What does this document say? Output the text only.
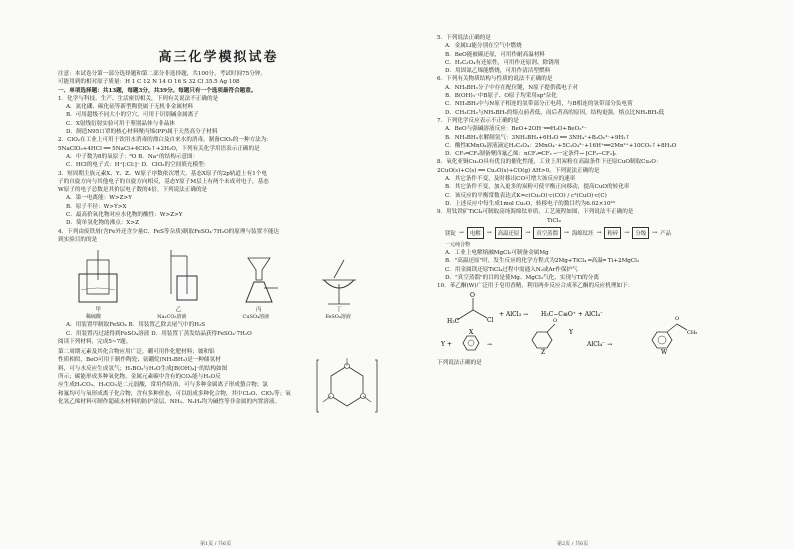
高三化学模拟试卷
注意：本试卷分第一部分选择题和第二部分非选择题，共100分，考试时间75分钟。
可能用到的相对原子质量：H 1 C 12 N 14 O 16 S 32 Cl 35.5 Ag 108
一、单项选择题：共13题，每题3分，共39分。每题只有一个选项最符合题意。
1．化学与科技、生产、生活密切相关，下列有关说法不正确的是
A．氮化硼、碳化硅等新型陶瓷属于无机非金属材料
B．可用超级不同大小的空穴，可用于识别碱金属离子
C．X射线衍射实验可用于鉴别晶体与非晶体
D．制造N95口罩的核心材料聚丙烯(PP)属于天然高分子材料
2．ClO₂在工业上可用于饮用水消毒的漂白及自来水的消毒，制备ClO₂的一种方法为：
5NaClO₂+4HCl ══ 5NaCl+4ClO₂↑+2H₂O，下列有关化学用语表示正确的是
A．中子数为8的氧原子：⁸O B．Na⁺的结构示意图：
C．HCl的电子式：H⁺[:Cl:]⁻ D．ClO₂的空间填充模型：
3．短周期主族元素X、Y、Z、W原子序数依次增大，基态X原子的2p轨道上有1个电
子的自旋方向与其他电子的自旋方向相反，基态Y原子M层上有两个未成对电子，基态
W原子的电子总数是其价层电子数的4倍。下列说法正确的是
A．第一电离能：W>Z>Y
B．原子半径：W>Y>X
C．最高价氧化物对应水化物的酸性：W>Z>Y
D．简单氢化物的沸点：X>Z
4．下列由废铁屑(含Fe外还含少量C、FeS等杂质)制取FeSO₄·7H₂O的原理与装置不能达
到实验目的的是
甲	乙	丙	丁
稀硫酸	Na₂CO₃溶液	CuSO₄溶液	FeSO₄溶液
A．用装置甲制取FeSO₄ B．用装置乙除去尾气中的H₂S
C．用装置丙过滤得到FeSO₄溶液 D．用装置丁蒸发结晶获得FeSO₄·7H₂O
阅读下列材料，完成5~7题。
第二周期元素及其化合物应用广泛。硼可用作化肥材料；铍和铝
性质相似，BeO可用于制作陶瓷；氨硼烷(NH₃BH₃)是一种储氢材
料，可与水反应生成氢气；H₃BO₃与H₂O生成[B(OH)₄]⁻的结构如图
所示；碳能形成多种氧化物，金属元素碳中含有的CO₂能与H₂O反
应生成H₂CO₃，H₂CO₃是二元弱酸，常用作防治，可与多种金属离子形成螯合物；氯
和氟均可与氧形成离子化合物，含有多种价态，可以组成多种化合物，其中Cl₂O、ClO₂等；氧
化氢乙烯材料可制作超疏水材料的防护涂层，NH₃、N₂H₄均为碱性等非金属的内置溶液。
第1页 / 共6页
5．下列说法正确的是
A．金属Li能分别在空气中燃烧
B．BeO能被碳还原，可用作耐高温材料
C．H₂C₂O₄有还原性，可用作还原剂、除锈剂
D．用固氮乙烯能燃烧，可用作清洁型燃料
6．下列有关物质结构与性质的说法不正确的是
A．NH₃BH₃分子中存在配位键，N原子提供孤电子对
B．B(OH)₃⁻中B原子、O原子均采用sp³杂化
C．NH₃BH₃中与N原子相连的氢带部分正电荷，与B相连的氢带部分负电荷
D．CH₃CH₃与NH₃BH₃的熔点前者低，而后者高的原因，结构更强，熔点比NH₃BH₃低
7．下列化学反应表示不正确的是
A．BeO与强碱溶液反应：BeO+2OH⁻══H₂O+BeO₂²⁻
B．NH₃BH₃水解制氢气：3NH₃BH₃+6H₂O ══ 3NH₄⁺+B₃O₆³⁻+9H₂↑
C．酸性KMnO₄溶液滴定H₂C₂O₄：2MnO₄⁻+5C₂O₄²⁻+16H⁺══2Mn²⁺+10CO₂↑+8H₂O
D．CF₂═CF₂制备聚四氟乙烯：nCF₂═CF₂ ─一定条件→ ⁅CF₂─CF₂⁆ₙ
8．氧化亚铜Cu₂O具有优良的催化性能，工业上用炭粉在高温条件下还原CuO制取Cu₂O：
2CuO(s)+C(s) ══ Cu₂O(s)+CO(g) ΔH>0。下列说法正确的是
A．其它条件不变，及时移出CO可增大该反应的速率
B．其它条件不变，加入更多的炭粉可使平衡正向移动，提高CuO的转化率
C．该反应的平衡常数表达式K=c(Cu₂O)·c(CO) / c²(CuO)·c(C)
D．上述反应中每生成1mol Cu₂O，转移电子的数目约为6.02×10²³
9．用钛铁矿TiCl₄可制取高纯海绵钛单质，工艺流程如图，下列说法不正确的是
TiCl₄
镁锭 →	电解	→	高温还原	→	真空蒸馏	→ 海绵钛坯 →	粉碎	→	分级	→ 产品
一元纯合物
A．工业上电解熔融MgCl₂可制备金属Mg
B．"高温还原"时，发生反应的化学方程式为2Mg+TiCl₄ ═高温═ Ti+2MgCl₂
C．用金属镁还原TiCl₄过程中需通入N₂或Ar作保护气
D．"真空蒸馏"的目的是使Mg、MgCl₂气化，实现与Ti的分离
10．苯乙酮(W)广泛用于皂用香精，利用两步反应合成苯乙酮的反应机理如下：
H₃C
O
Cl
X
+ AlCl₃ → H₃C−C≡O⁺ + AlCl₄⁻
Y
Y +	→
O
Z
AlCl₄⁻ →
O
CH₃
W
下列说法正确的是
第2页 / 共6页
